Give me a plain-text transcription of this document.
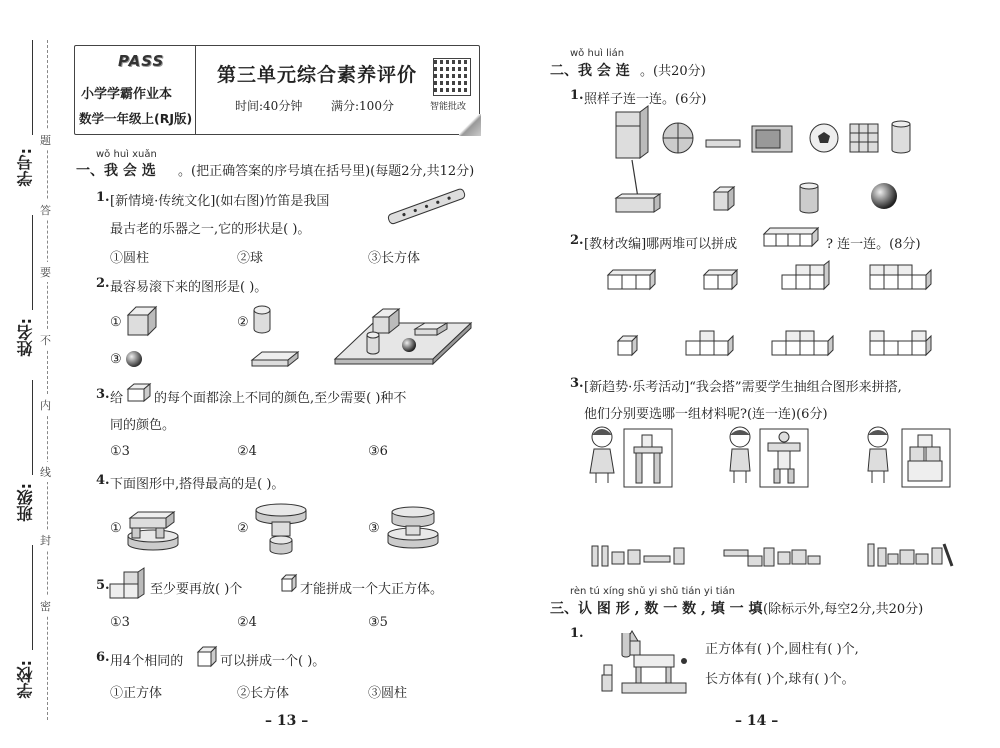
学号:
姓名:
班级:
学校:
题
答
要
不
内
线
封
密
PASS
小学学霸作业本
数学一年级上(RJ版)
第三单元综合素养评价
时间:40分钟 满分:100分	智能批改
wǒ huì xuǎn
一、我 会 选 。(把正确答案的序号填在括号里)(每题2分,共12分)
1. [新情境·传统文化](如右图)竹笛是我国
最古老的乐器之一,它的形状是( )。
①圆柱	②球	③长方体
2. 最容易滚下来的图形是( )。
①	②
③
3. 给 的每个面都涂上不同的颜色,至少需要( )种不
同的颜色。
①3	②4	③6
4. 下面图形中,搭得最高的是( )。
①	②	③
5.	至少要再放( )个	才能拼成一个大正方体。
①3	②4	③5
6. 用4个相同的	可以拼成一个( )。
①正方体	②长方体	③圆柱
– 13 –
wǒ huì lián
二、我 会 连 。(共20分)
1. 照样子连一连。(6分)
2. [教材改编]哪两堆可以拼成	? 连一连。(8分)
3. [新趋势·乐考活动]“我会搭”需要学生抽组合图形来拼搭,
他们分别要选哪一组材料呢?(连一连)(6分)
rèn tú xíng shǔ yi shǔ tián yi tián
三、认 图 形 , 数 一 数 , 填 一 填
。(除标示外,每空2分,共20分)
1.
正方体有( )个,圆柱有( )个,
长方体有( )个,球有( )个。
– 14 –
